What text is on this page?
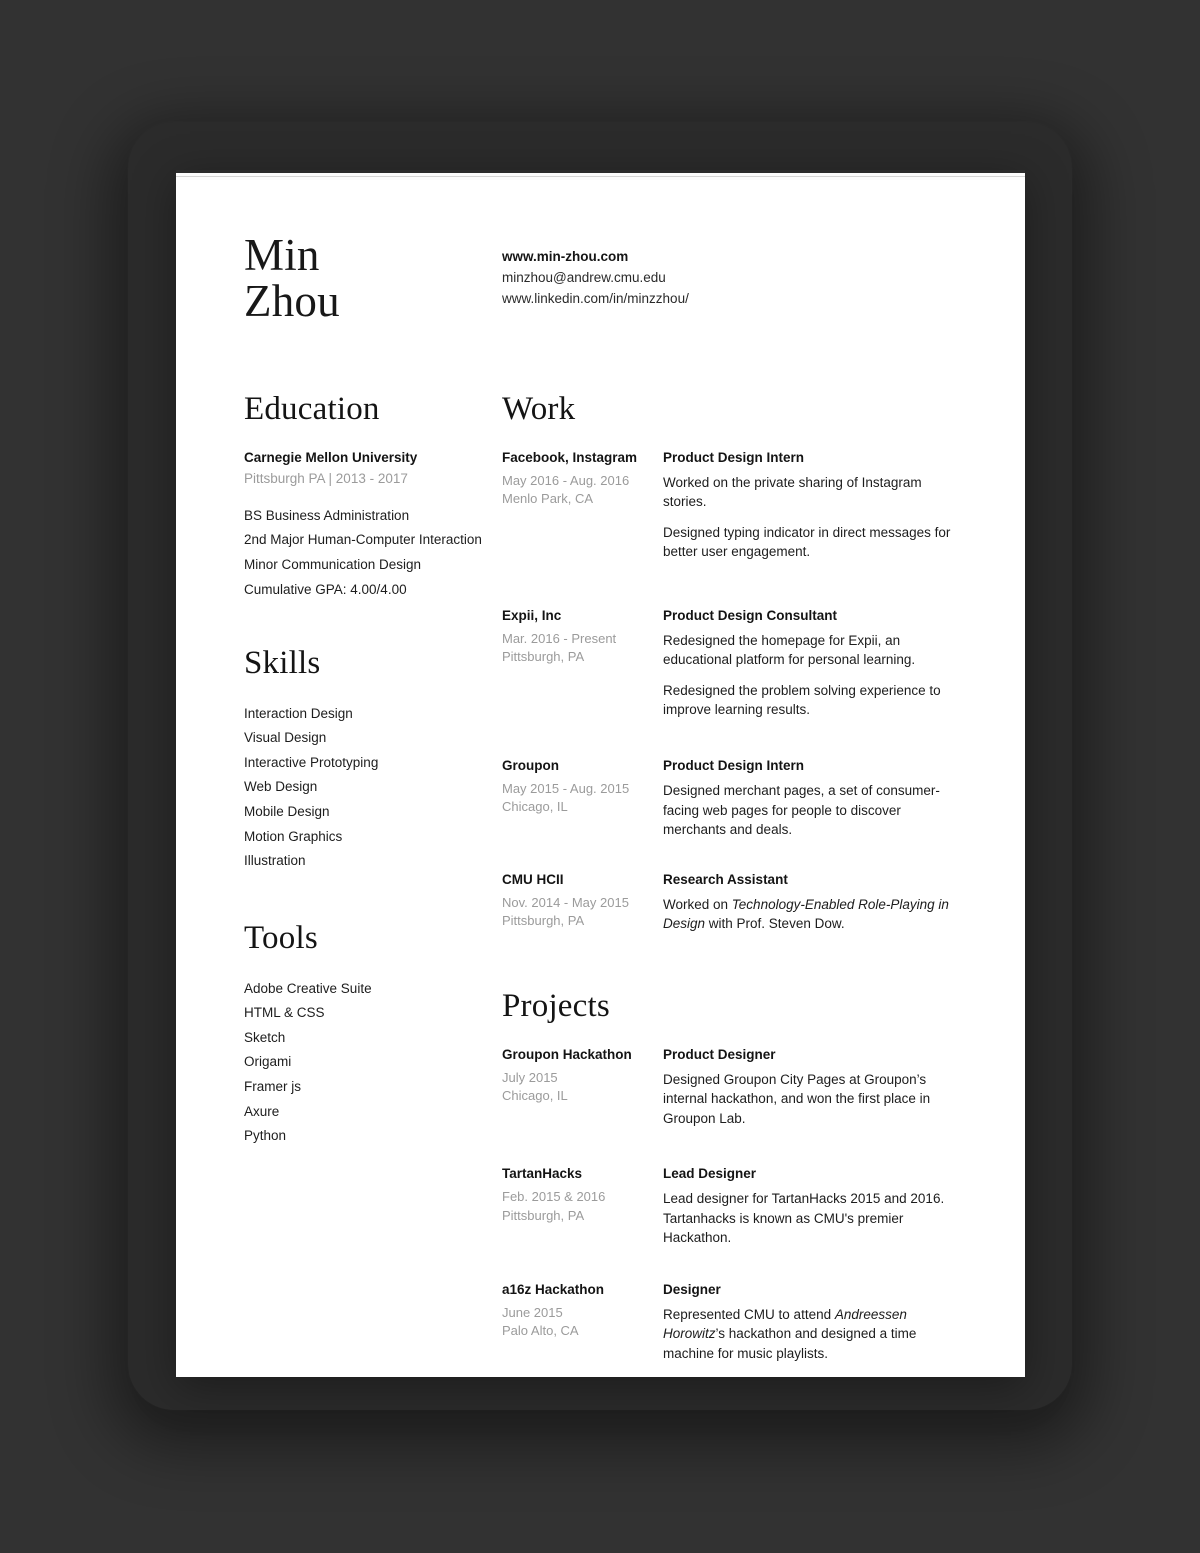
Min
Zhou
www.min-zhou.com
minzhou@andrew.cmu.edu
www.linkedin.com/in/minzzhou/
Education
Carnegie Mellon University
Pittsburgh PA | 2013 - 2017
BS Business Administration
2nd Major Human-Computer Interaction
Minor Communication Design
Cumulative GPA: 4.00/4.00
Skills
Interaction Design
Visual Design
Interactive Prototyping
Web Design
Mobile Design
Motion Graphics
Illustration
Tools
Adobe Creative Suite
HTML & CSS
Sketch
Origami
Framer js
Axure
Python
Work
Facebook, Instagram
May 2016 - Aug. 2016
Menlo Park, CA
Product Design Intern
Worked on the private sharing of Instagram stories.
Designed typing indicator in direct messages for better user engagement.
Expii, Inc
Mar. 2016 - Present
Pittsburgh, PA
Product Design Consultant
Redesigned the homepage for Expii, an educational platform for personal learning.
Redesigned the problem solving experience to improve learning results.
Groupon
May 2015 - Aug. 2015
Chicago, IL
Product Design Intern
Designed merchant pages, a set of consumer-facing web pages for people to discover merchants and deals.
CMU HCII
Nov. 2014 - May 2015
Pittsburgh, PA
Research Assistant
Worked on Technology-Enabled Role-Playing in Design with Prof. Steven Dow.
Projects
Groupon Hackathon
July 2015
Chicago, IL
Product Designer
Designed Groupon City Pages at Groupon’s internal hackathon, and won the first place in Groupon Lab.
TartanHacks
Feb. 2015 & 2016
Pittsburgh, PA
Lead Designer
Lead designer for TartanHacks 2015 and 2016. Tartanhacks is known as CMU's premier Hackathon.
a16z Hackathon
June 2015
Palo Alto, CA
Designer
Represented CMU to attend Andreessen Horowitz’s hackathon and designed a time machine for music playlists.
